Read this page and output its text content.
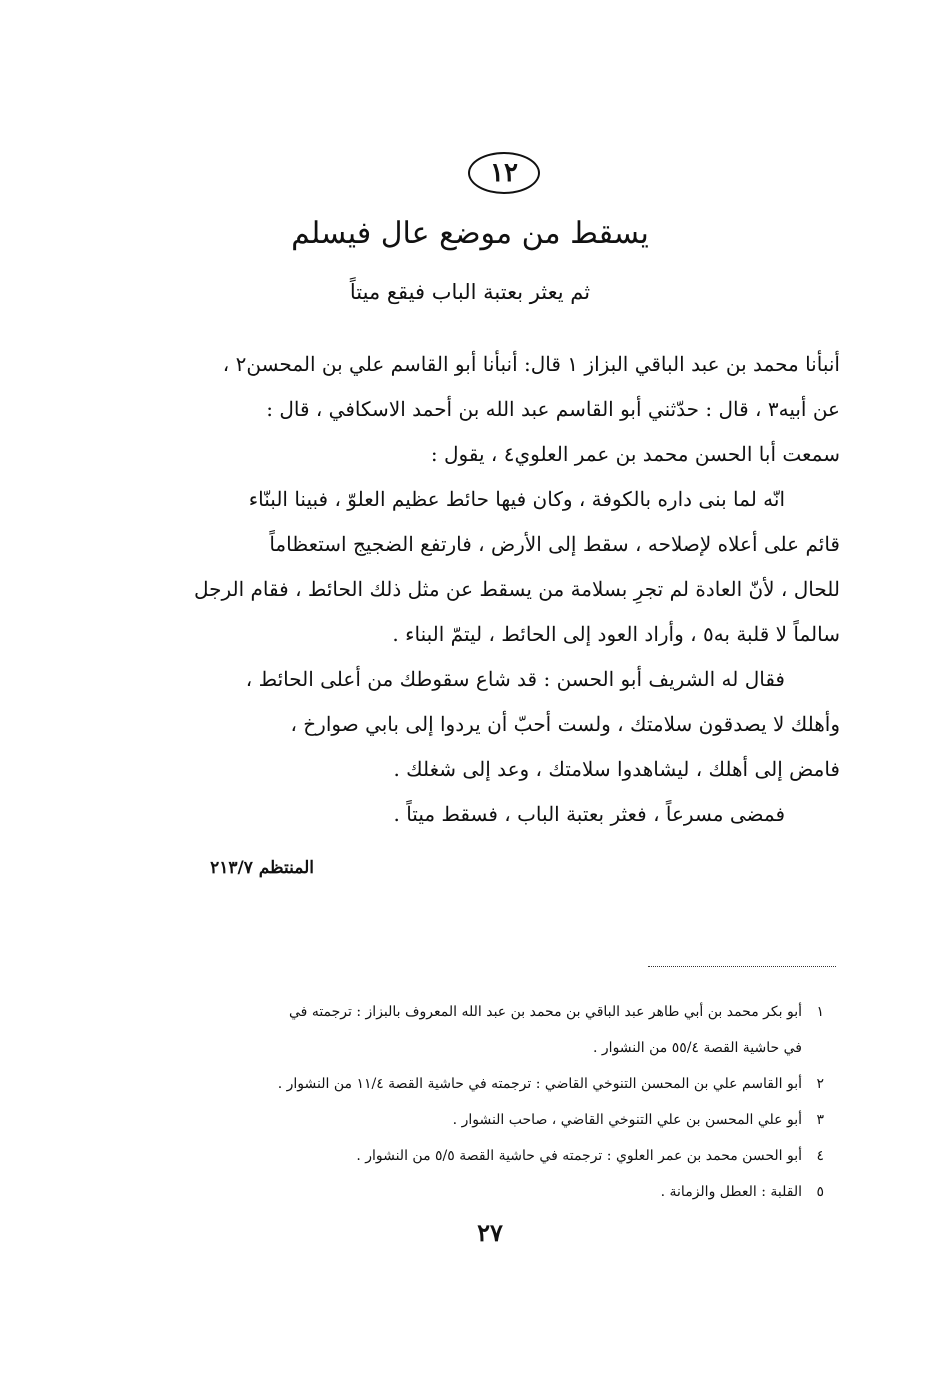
١٢
يسقط من موضع عال فيسلم
ثم يعثر بعتبة الباب فيقع ميتاً
أنبأنا محمد بن عبد الباقي البزاز ١ قال: أنبأنا أبو القاسم علي بن المحسن٢ ،
عن أبيه٣ ، قال : حدّثني أبو القاسم عبد الله بن أحمد الاسكافي ، قال :
سمعت أبا الحسن محمد بن عمر العلوي٤ ، يقول :
انّه لما بنى داره بالكوفة ، وكان فيها حائط عظيم العلوّ ، فبينا البنّاء
قائم على أعلاه لإصلاحه ، سقط إلى الأرض ، فارتفع الضجيج استعظاماً
للحال ، لأنّ العادة لم تجرِ بسلامة من يسقط عن مثل ذلك الحائط ، فقام الرجل
سالماً لا قلبة به٥ ، وأراد العود إلى الحائط ، ليتمّ البناء .
فقال له الشريف أبو الحسن : قد شاع سقوطك من أعلى الحائط ،
وأهلك لا يصدقون سلامتك ، ولست أحبّ أن يردوا إلى بابي صوارخ ،
فامض إلى أهلك ، ليشاهدوا سلامتك ، وعد إلى شغلك .
فمضى مسرعاً ، فعثر بعتبة الباب ، فسقط ميتاً .
المنتظم ٢١٣/٧
١أبو بكر محمد بن أبي طاهر عبد الباقي بن محمد بن عبد الله المعروف بالبزاز : ترجمته في
في حاشية القصة ٥٥/٤ من النشوار .
٢أبو القاسم علي بن المحسن التنوخي القاضي : ترجمته في حاشية القصة ١١/٤ من النشوار .
٣أبو علي المحسن بن علي التنوخي القاضي ، صاحب النشوار .
٤أبو الحسن محمد بن عمر العلوي : ترجمته في حاشية القصة ٥/٥ من النشوار .
٥القلبة : العطل والزمانة .
٢٧
